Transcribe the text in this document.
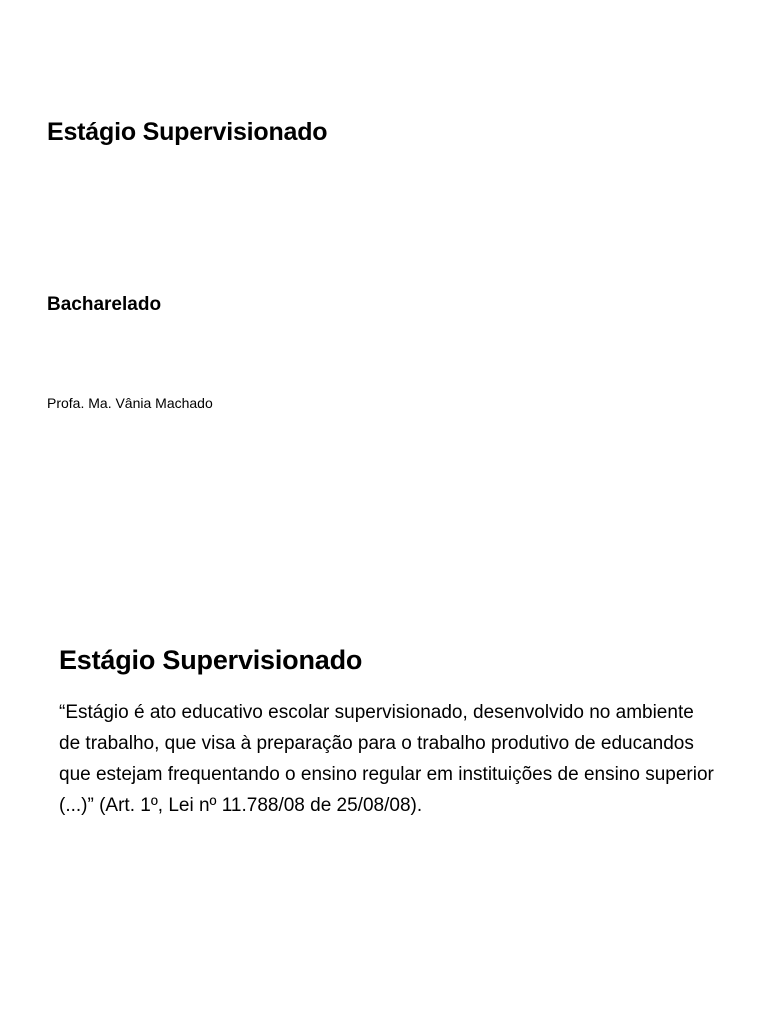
Estágio Supervisionado
Bacharelado

Profa. Ma. Vânia Machado

Estágio Supervisionado

“Estágio é ato educativo escolar supervisionado, desenvolvido no ambiente de trabalho, que visa à preparação para o trabalho produtivo de educandos que estejam frequentando o ensino regular em instituições de ensino superior (...)” (Art. 1º, Lei nº 11.788/08 de 25/08/08).
